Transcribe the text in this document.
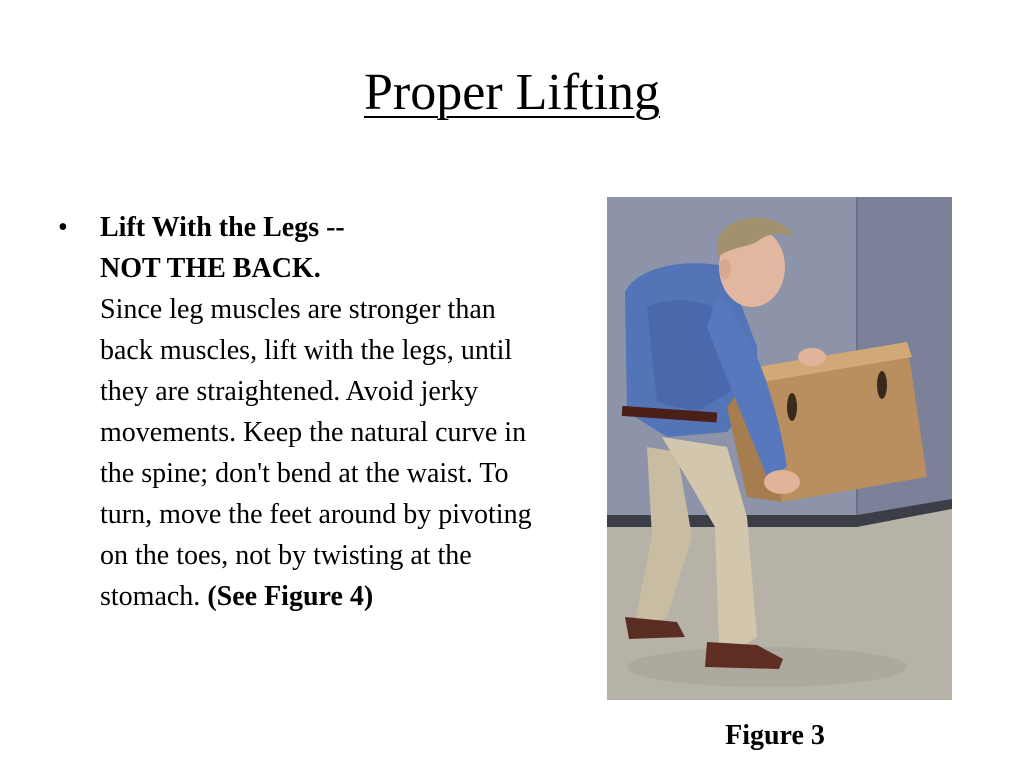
Proper Lifting
•	Lift With the Legs --
NOT THE BACK.
Since leg muscles are stronger than back muscles, lift with the legs, until they are straightened. Avoid jerky movements. Keep the natural curve in the spine; don't bend at the waist. To turn, move the feet around by pivoting on the toes, not by twisting at the stomach. (See Figure 4)
Figure 3
